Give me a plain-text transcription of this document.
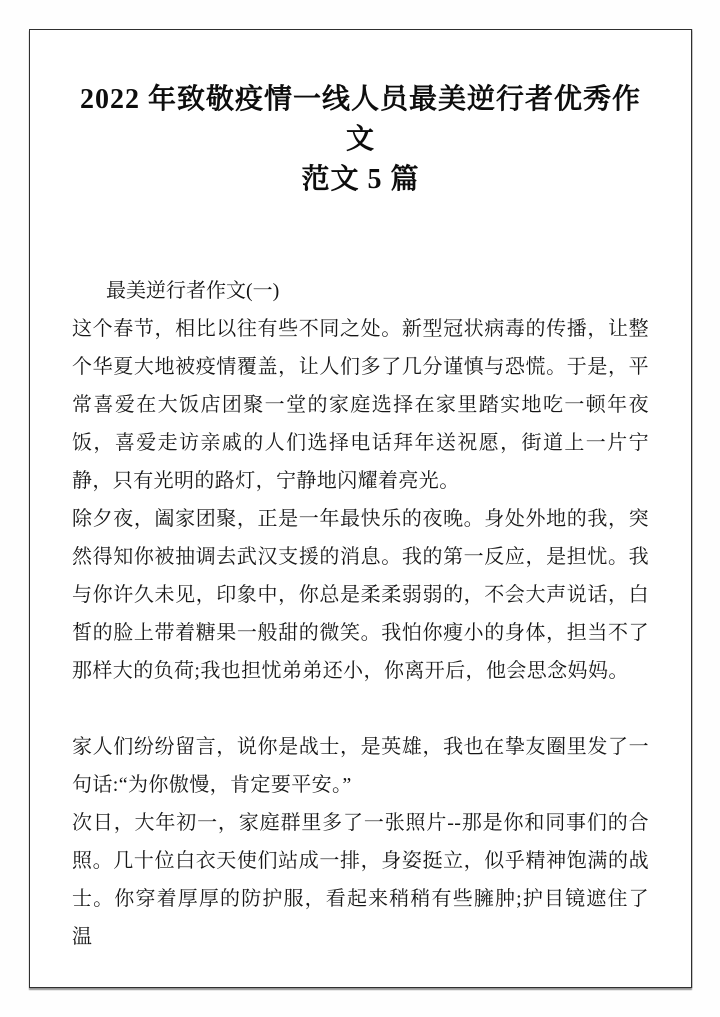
2022 年致敬疫情一线人员最美逆行者优秀作文
范文 5 篇
最美逆行者作文(一)

这个春节，相比以往有些不同之处。新型冠状病毒的传播，让整个华夏大地被疫情覆盖，让人们多了几分谨慎与恐慌。于是，平常喜爱在大饭店团聚一堂的家庭选择在家里踏实地吃一顿年夜饭，喜爱走访亲戚的人们选择电话拜年送祝愿，街道上一片宁静，只有光明的路灯，宁静地闪耀着亮光。

除夕夜，阖家团聚，正是一年最快乐的夜晚。身处外地的我，突然得知你被抽调去武汉支援的消息。我的第一反应，是担忧。我与你许久未见，印象中，你总是柔柔弱弱的，不会大声说话，白皙的脸上带着糖果一般甜的微笑。我怕你瘦小的身体，担当不了那样大的负荷;我也担忧弟弟还小，你离开后，他会思念妈妈。

家人们纷纷留言，说你是战士，是英雄，我也在挚友圈里发了一句话:“为你傲慢，肯定要平安。”

次日，大年初一，家庭群里多了一张照片--那是你和同事们的合照。几十位白衣天使们站成一排，身姿挺立，似乎精神饱满的战士。你穿着厚厚的防护服，看起来稍稍有些臃肿;护目镜遮住了温
